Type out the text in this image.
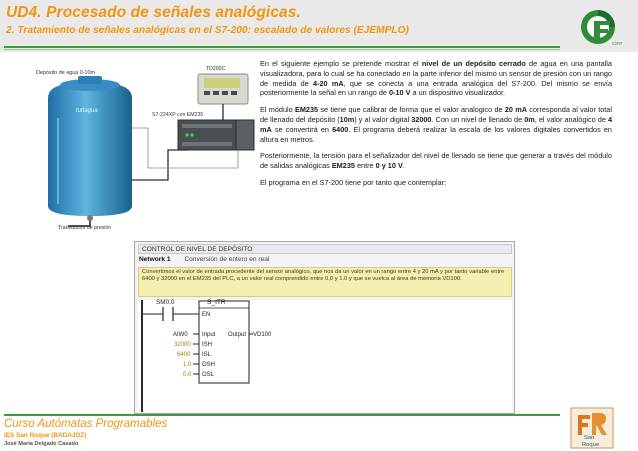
UD4. Procesado de señales analógicas.
2. Tratamiento de señales analógicas en el S7-200: escalado de valores (EJEMPLO)
CIFP
tuttagua
Depósito de agua 0-10m
TD200C
S7-224XP con EM235
Transductor de presión

En el siguiente ejemplo se pretende mostrar el nivel de un depósito cerrado de agua en una pantalla visualizadora, para lo cual se ha conectado en la parte inferior del mismo un sensor de presión con un rango de medida de 4-20 mA, que se conecta a una entrada analógica del S7-200. Del mismo se envía posteriormente la señal en un rango de 0-10 V a un dispositivo visualizador.

El módulo EM235 se tiene que calibrar de forma que el valor analogico de 20 mA corresponda al valor total de llenado del depósito (10m) y al valor digital 32000. Con un nivel de llenado de 0m, el valor analógico de 4 mA se convertirá en 6400. El programa deberá realizar la escala de los valores digitales convertidos en altura en metros.

Posteriormente, la tensión para el señalizador del nivel de llenado se tiene que generar a través del módulo de salidas analógicas EM235 entre 0 y 10 V.

El programa en el S7-200 tiene por tanto que contemplar:

CONTROL DE NIVEL DE DEPÓSITO
Network 1 Conversión de entero en real
Convertimos el valor de entrada procedente del sensor analógico, que nos da un valor en un rango entre 4 y 20 mA y por tanto variable entre 6400 y 32000 en el EM235 del PLC, a un valor real comprendido entre 0,0 y 1.0 y que se vuelca al área de memoria VD100.
SM0.0	S_ITR
EN
AIW0 Input
32000 ISH
6400 ISL
1.0 OSH
0.0 OSL
Output VD100
Curso Autómatas Programables
IES San Roque (BADAJOZ)
José María Delgado Casado
San
Roque
